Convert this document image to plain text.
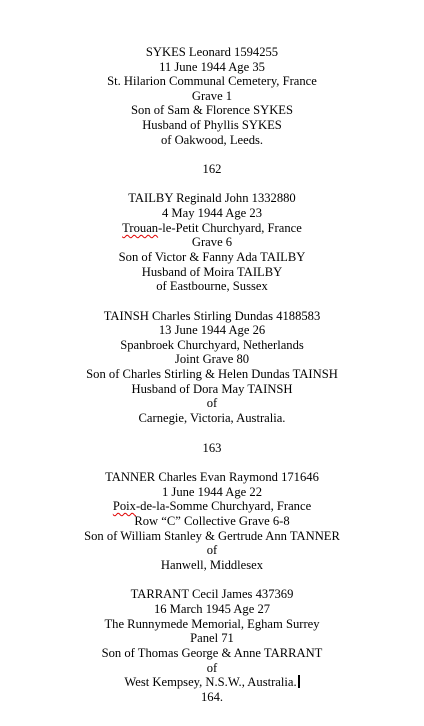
SYKES Leonard 1594255
11 June 1944 Age 35
St. Hilarion Communal Cemetery, France
Grave 1
Son of Sam & Florence SYKES
Husband of Phyllis SYKES
of Oakwood, Leeds.
162
TAILBY Reginald John 1332880
4 May 1944 Age 23
Trouan-le-Petit Churchyard, France
Grave 6
Son of Victor & Fanny Ada TAILBY
Husband of Moira TAILBY
of Eastbourne, Sussex
TAINSH Charles Stirling Dundas 4188583
13 June 1944 Age 26
Spanbroek Churchyard, Netherlands
Joint Grave 80
Son of Charles Stirling & Helen Dundas TAINSH
Husband of Dora May TAINSH
of
Carnegie, Victoria, Australia.
163
TANNER Charles Evan Raymond 171646
1 June 1944 Age 22
Poix-de-la-Somme Churchyard, France
Row “C” Collective Grave 6-8
Son of William Stanley & Gertrude Ann TANNER
of
Hanwell, Middlesex
TARRANT Cecil James 437369
16 March 1945 Age 27
The Runnymede Memorial, Egham Surrey
Panel 71
Son of Thomas George & Anne TARRANT
of
West Kempsey, N.S.W., Australia.
164.
